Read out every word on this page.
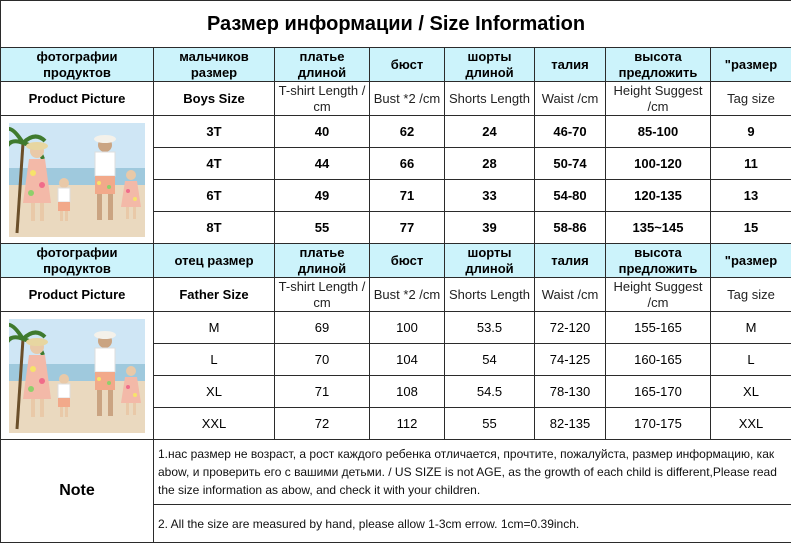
Размер информации / Size Information							
фотографии продуктов	мальчиков размер	платье длиной	бюст	шорты длиной	талия	высота предложить	"размер
Product Picture	Boys Size	T-shirt Length / cm	Bust *2 /cm	Shorts Length	Waist /cm	Height Suggest /cm	Tag size

	3T	40	62	24	46-70	85-100	9
	4T	44	66	28	50-74	100-120	11
	6T	49	71	33	54-80	120-135	13
	8T	55	77	39	58-86	135~145	15
фотографии продуктов	отец размер	платье длиной	бюст	шорты длиной	талия	высота предложить	"размер
Product Picture	Father Size	T-shirt Length / cm	Bust *2 /cm	Shorts Length	Waist /cm	Height Suggest /cm	Tag size

	M	69	100	53.5	72-120	155-165	M
	L	70	104	54	74-125	160-165	L
	XL	71	108	54.5	78-130	165-170	XL
	XXL	72	112	55	82-135	170-175	XXL
Note	1.нас размер не возраст, а рост каждого ребенка отличается, прочтите, пожалуйста, размер информацию, как abow, и проверить его с вашими детьми. / US SIZE is not AGE, as the growth of each child is different,Please read the size information as abow, and check it with your children.						
	2. All the size are measured by hand, please allow 1-3cm errow. 1cm=0.39inch.						
